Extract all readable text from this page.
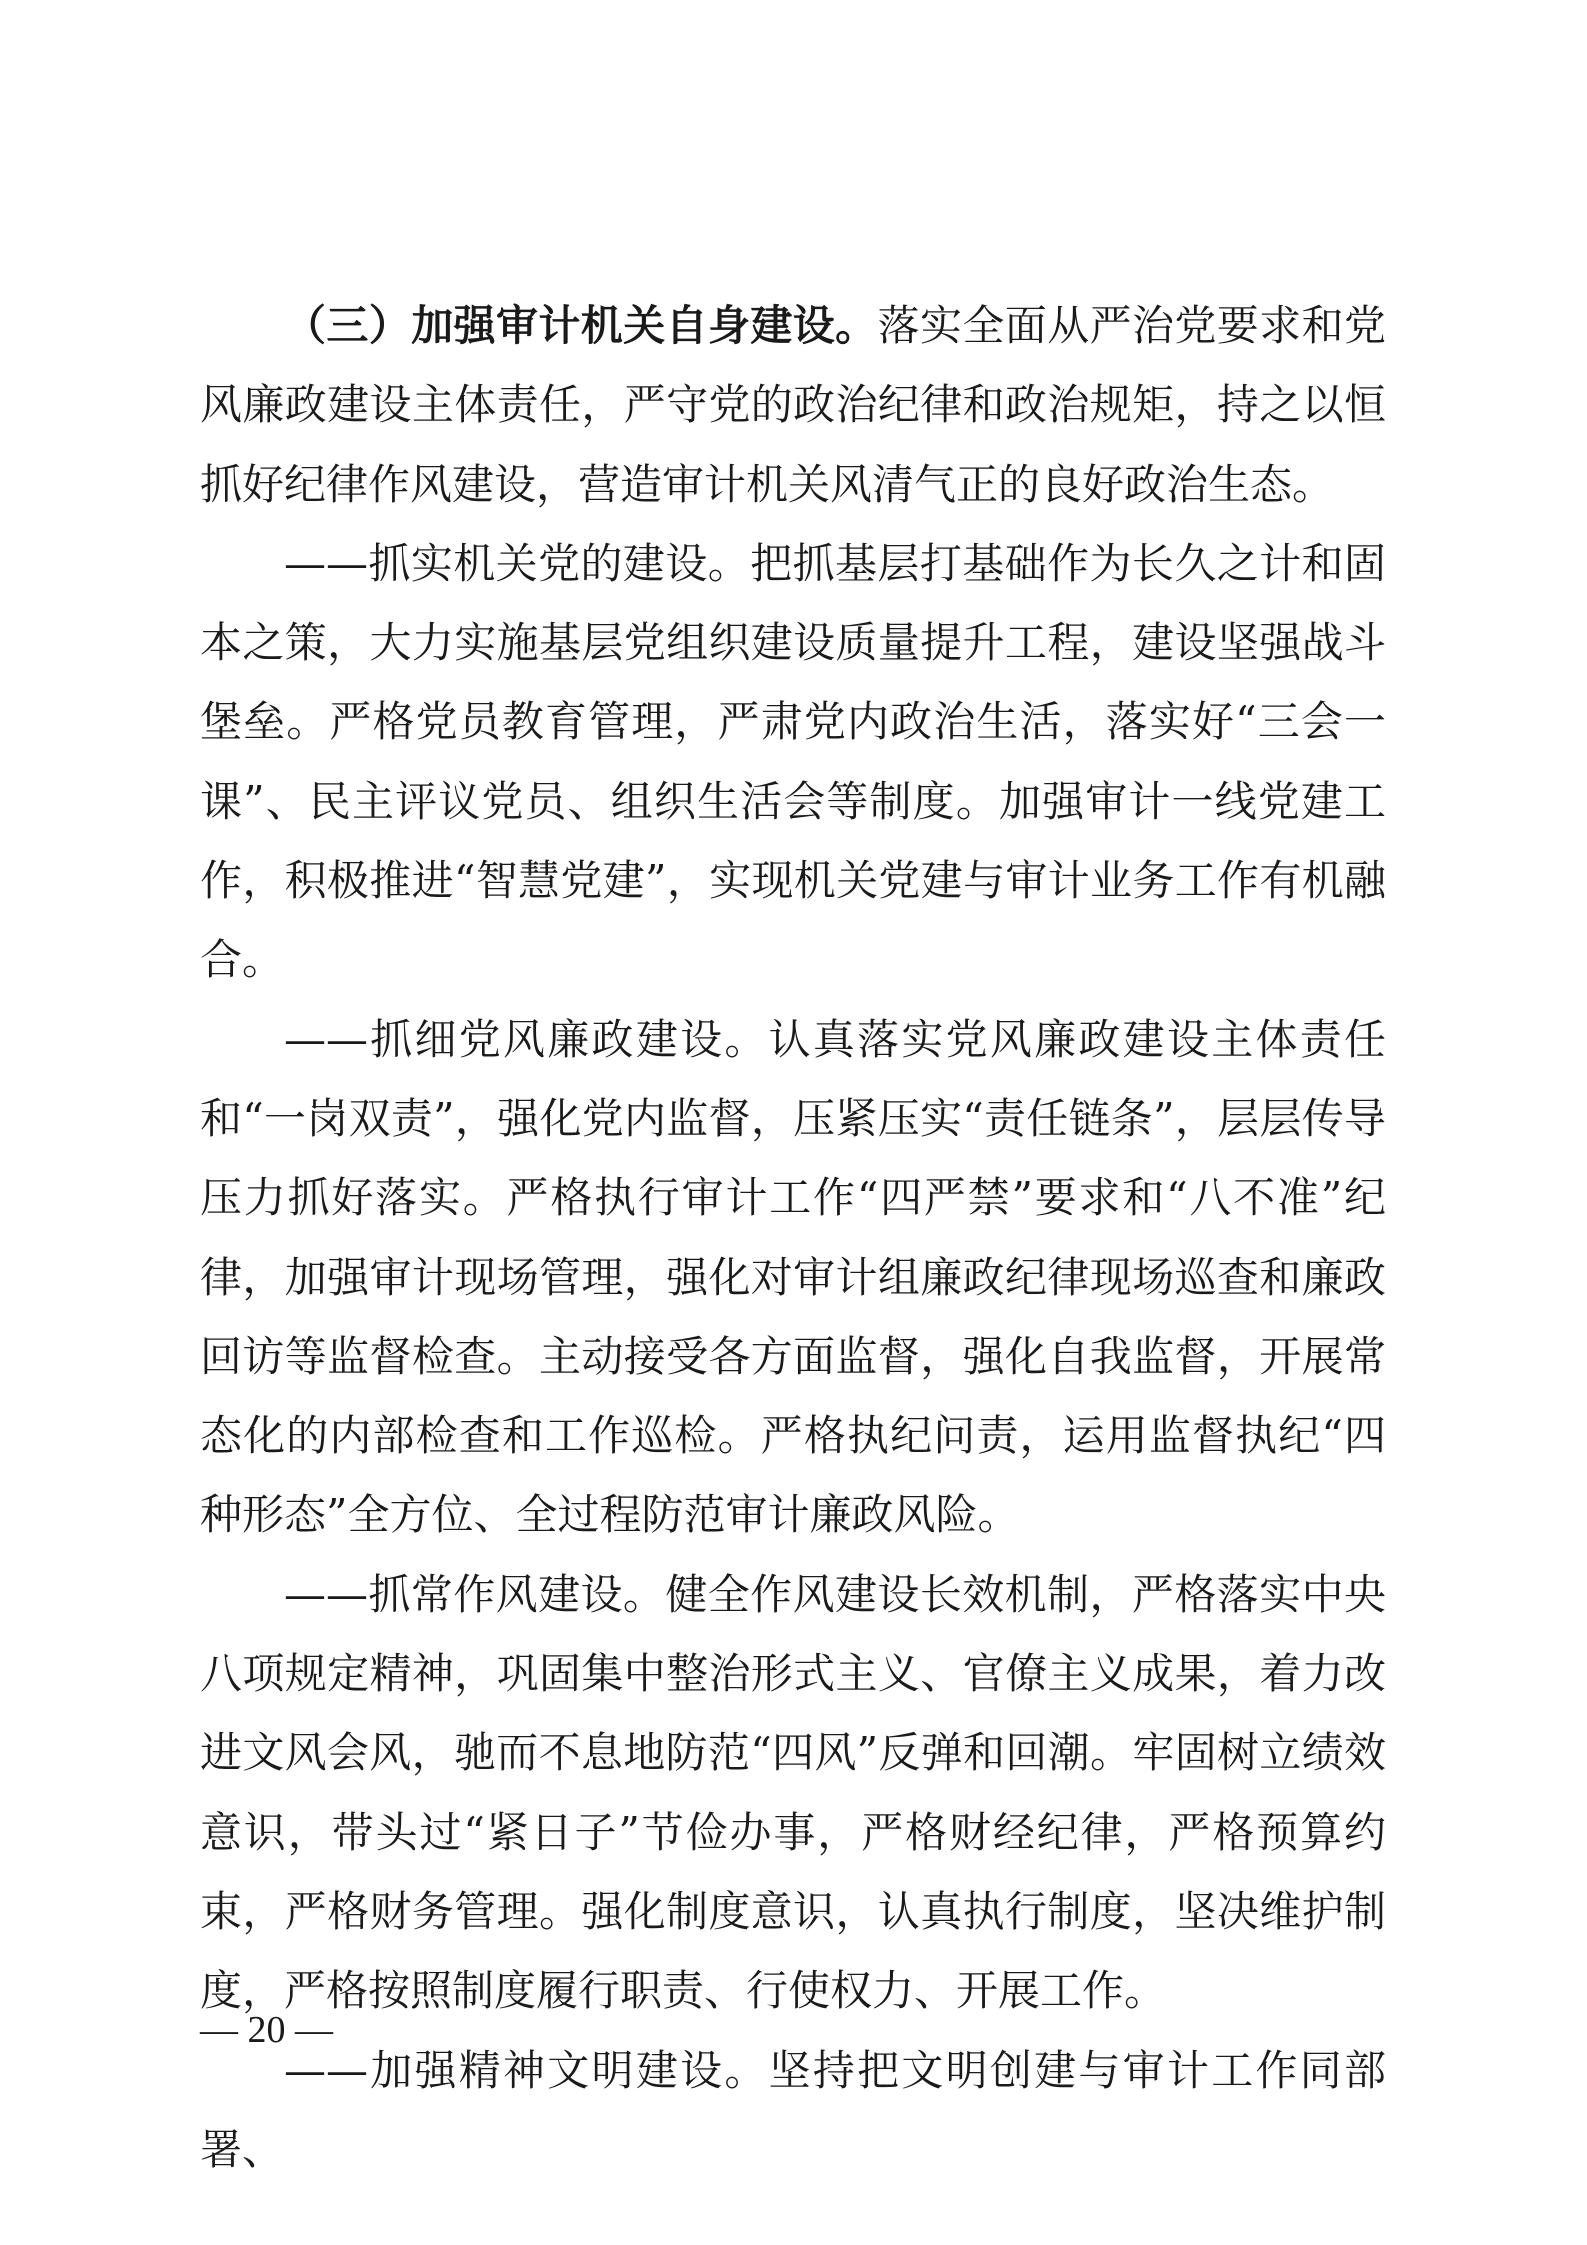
（三）加强审计机关自身建设。落实全面从严治党要求和党风廉政建设主体责任，严守党的政治纪律和政治规矩，持之以恒抓好纪律作风建设，营造审计机关风清气正的良好政治生态。

——抓实机关党的建设。把抓基层打基础作为长久之计和固本之策，大力实施基层党组织建设质量提升工程，建设坚强战斗堡垒。严格党员教育管理，严肃党内政治生活，落实好“三会一课”、民主评议党员、组织生活会等制度。加强审计一线党建工作，积极推进“智慧党建”，实现机关党建与审计业务工作有机融合。

——抓细党风廉政建设。认真落实党风廉政建设主体责任和“一岗双责”，强化党内监督，压紧压实“责任链条”，层层传导压力抓好落实。严格执行审计工作“四严禁”要求和“八不准”纪律，加强审计现场管理，强化对审计组廉政纪律现场巡查和廉政回访等监督检查。主动接受各方面监督，强化自我监督，开展常态化的内部检查和工作巡检。严格执纪问责，运用监督执纪“四种形态”全方位、全过程防范审计廉政风险。

——抓常作风建设。健全作风建设长效机制，严格落实中央八项规定精神，巩固集中整治形式主义、官僚主义成果，着力改进文风会风，驰而不息地防范“四风”反弹和回潮。牢固树立绩效意识，带头过“紧日子”节俭办事，严格财经纪律，严格预算约束，严格财务管理。强化制度意识，认真执行制度，坚决维护制度，严格按照制度履行职责、行使权力、开展工作。

——加强精神文明建设。坚持把文明创建与审计工作同部署、

— 20 —
